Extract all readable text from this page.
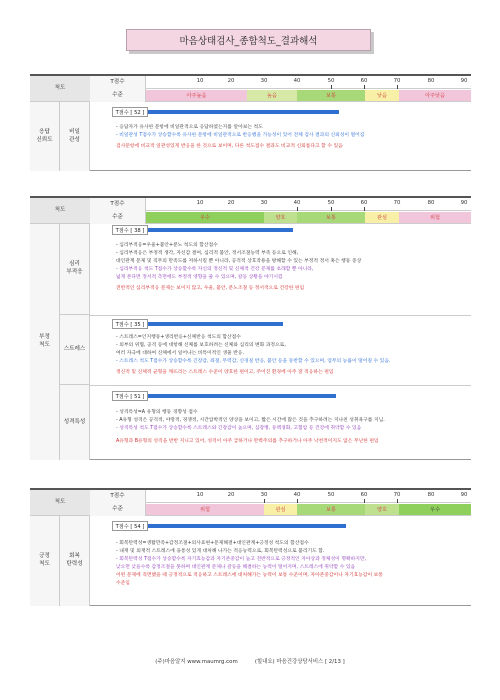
마음상태검사_종합척도_결과해석
척도
T점수	10	20	30	40	50	60	70	80	90
수준	아주높음	높음	보통	낮음	아주낮음
응답
신뢰도
비일
관성
T점수 [ 52 ]
- 응답자가 유사한 문항에 비일관적으로 응답하였는지를 알아보는 척도
- 비일관성 T점수가 상승할수록 유사한 문항에 비일관적으로 반응했을 가능성이 있어 전체 검사 결과의 신뢰성이 떨어짐
검사문항에 비교적 일관성있게 반응을 한 것으로 보이며, 다른 척도점수 결과도 비교적 신뢰롭다고 할 수 있음
척도
T점수	10	20	30	40	50	60	70	80	90
수준	우수	양호	보통	관심	위험
부정
척도
심리
부적응
T점수 [ 38 ]
- 심리부적응=우울+불안+분노 척도의 합산점수
- 심리부적응은 부정적 생각, 자신감 결여, 심리적 불안, 정서조절능력 부족 등으로 인해,
대인관계 문제 및 직무의 만족도를 저하시킬 뿐 아니라, 공격적 상호작용을 방해할 수 있는 부정적 정서 혹은 행동 증상
- 심리부적응 척도 T점수가 상승할수록 자신의 정신적 및 신체적 건강 문제를 초래할 뿐 아니라,
넓게 본다면 정서적 측면에도 부정적 영향을 줄 수 있으며, 갈등 상황을 야기시킴
전반적인 심리부적응 문제는 보이지 않고, 우울, 불안, 분노조절 등 정서적으로 건강한 편임
스트레스
T점수 [ 35 ]
- 스트레스=인지행동+생리반응+신체반응 척도의 합산점수
- 외부의 위협, 공격 등에 대항해 신체를 보호하려는 신체와 심리의 변화 과정으로,
여러 자극에 대하여 신체에서 일어나는 비특이적인 생물 반응.
- 스트레스 척도 T점수가 상승할수록 긴장감, 좌절, 무력감, 신경질 반응, 불안 등을 동반할 수 있으며, 업무의 능률이 떨어질 수 있음.
정신적 및 신체적 균형을 깨뜨리는 스트레스 수준이 양호한 편이고, 주어진 환경에 아주 잘 적응하는 편임
성격특성
T점수 [ 51 ]
- 성격특성=A 유형의 행동 경향성 점수
- A유형 성격은 공격적, 야망적, 경쟁적, 시간압박적인 양상을 보이고, 짧은 시간에 많은 것을 추구하려는 지나친 성취욕구를 지님.
- 성격특성 척도 T점수가 상승할수록 스트레스와 긴장감이 높으며, 심장병, 동맥경화, 고혈압 등 건강에 취약할 수 있음
A유형과 B유형의 성격을 반반 지니고 있어, 성격이 아주 급하거나 완벽주의를 추구하거나 아주 낙천적이지도 않은 무난한 편임
척도
T점수	10	20	30	40	50	60	70	80	90
수준	위험	관심	보통	양호	우수
긍정
척도
회복
탄력성
T점수 [ 54 ]
- 회복탄력성=생활만족+감정조절+의사표현+문제해결+대인관계+긍정성 척도의 합산점수
- 내재 및 외재적 스트레스에 융통성 있게 대처해 나가는 적응능력으로, 회복탄력성으로 불리기도 함.
- 회복탄력성 T점수가 상승할수록 자기효능감과 자기존중감이 높고 전반적으로 긍정적인 자아상과 정체성이 명확하지만,
낮으면 낮을수록 감정조절을 못하며 대인관계 문제나 갈등을 해결하는 능력이 떨어지며, 스트레스에 취약할 수 있음
어떤 문제에 직면했을 때 긍정적으로 적응하고 스트레스에 대처해가는 능력이 보통 수준이며, 자아존중감이나 자기효능감이 보통
수준임
(주)마음알지 www.maumrg.com          (힐내요) 마음건강상담서비스 [ 2/13 ]
